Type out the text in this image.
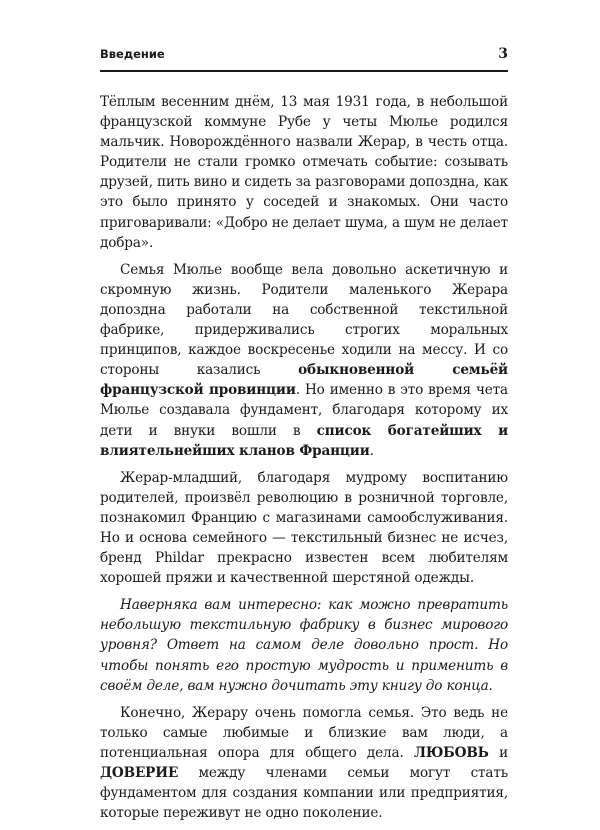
Введение	3

Тёплым весенним днём, 13 мая 1931 года, в небольшой французской коммуне Рубе у четы Мюлье родился мальчик. Новорождённого назвали Жерар, в честь отца. Родители не стали громко отмечать событие: созывать друзей, пить вино и сидеть за разговорами допоздна, как это было принято у соседей и знакомых. Они часто приговаривали: «Добро не делает шума, а шум не делает добра».

Семья Мюлье вообще вела довольно аскетичную и скромную жизнь. Родители маленького Жерара допоздна работали на собственной текстильной фабрике, придерживались строгих моральных принципов, каждое воскресенье ходили на мессу. И со стороны казались обыкновенной семьёй французской провинции. Но именно в это время чета Мюлье создавала фундамент, благодаря которому их дети и внуки вошли в список богатейших и влиятельнейших кланов Франции.

Жерар-младший, благодаря мудрому воспитанию родителей, произвёл революцию в розничной торговле, познакомил Францию с магазинами самообслуживания. Но и основа семейного — текстильный бизнес не исчез, бренд Phildar прекрасно известен всем любителям хорошей пряжи и качественной шерстяной одежды.

Наверняка вам интересно: как можно превратить небольшую текстильную фабрику в бизнес мирового уровня? Ответ на самом деле довольно прост. Но чтобы понять его простую мудрость и применить в своём деле, вам нужно дочитать эту книгу до конца.

Конечно, Жерару очень помогла семья. Это ведь не только самые любимые и близкие вам люди, а потенциальная опора для общего дела. ЛЮБОВЬ и ДОВЕРИЕ между членами семьи могут стать фундаментом для создания компании или предприятия, которые переживут не одно поколение.
